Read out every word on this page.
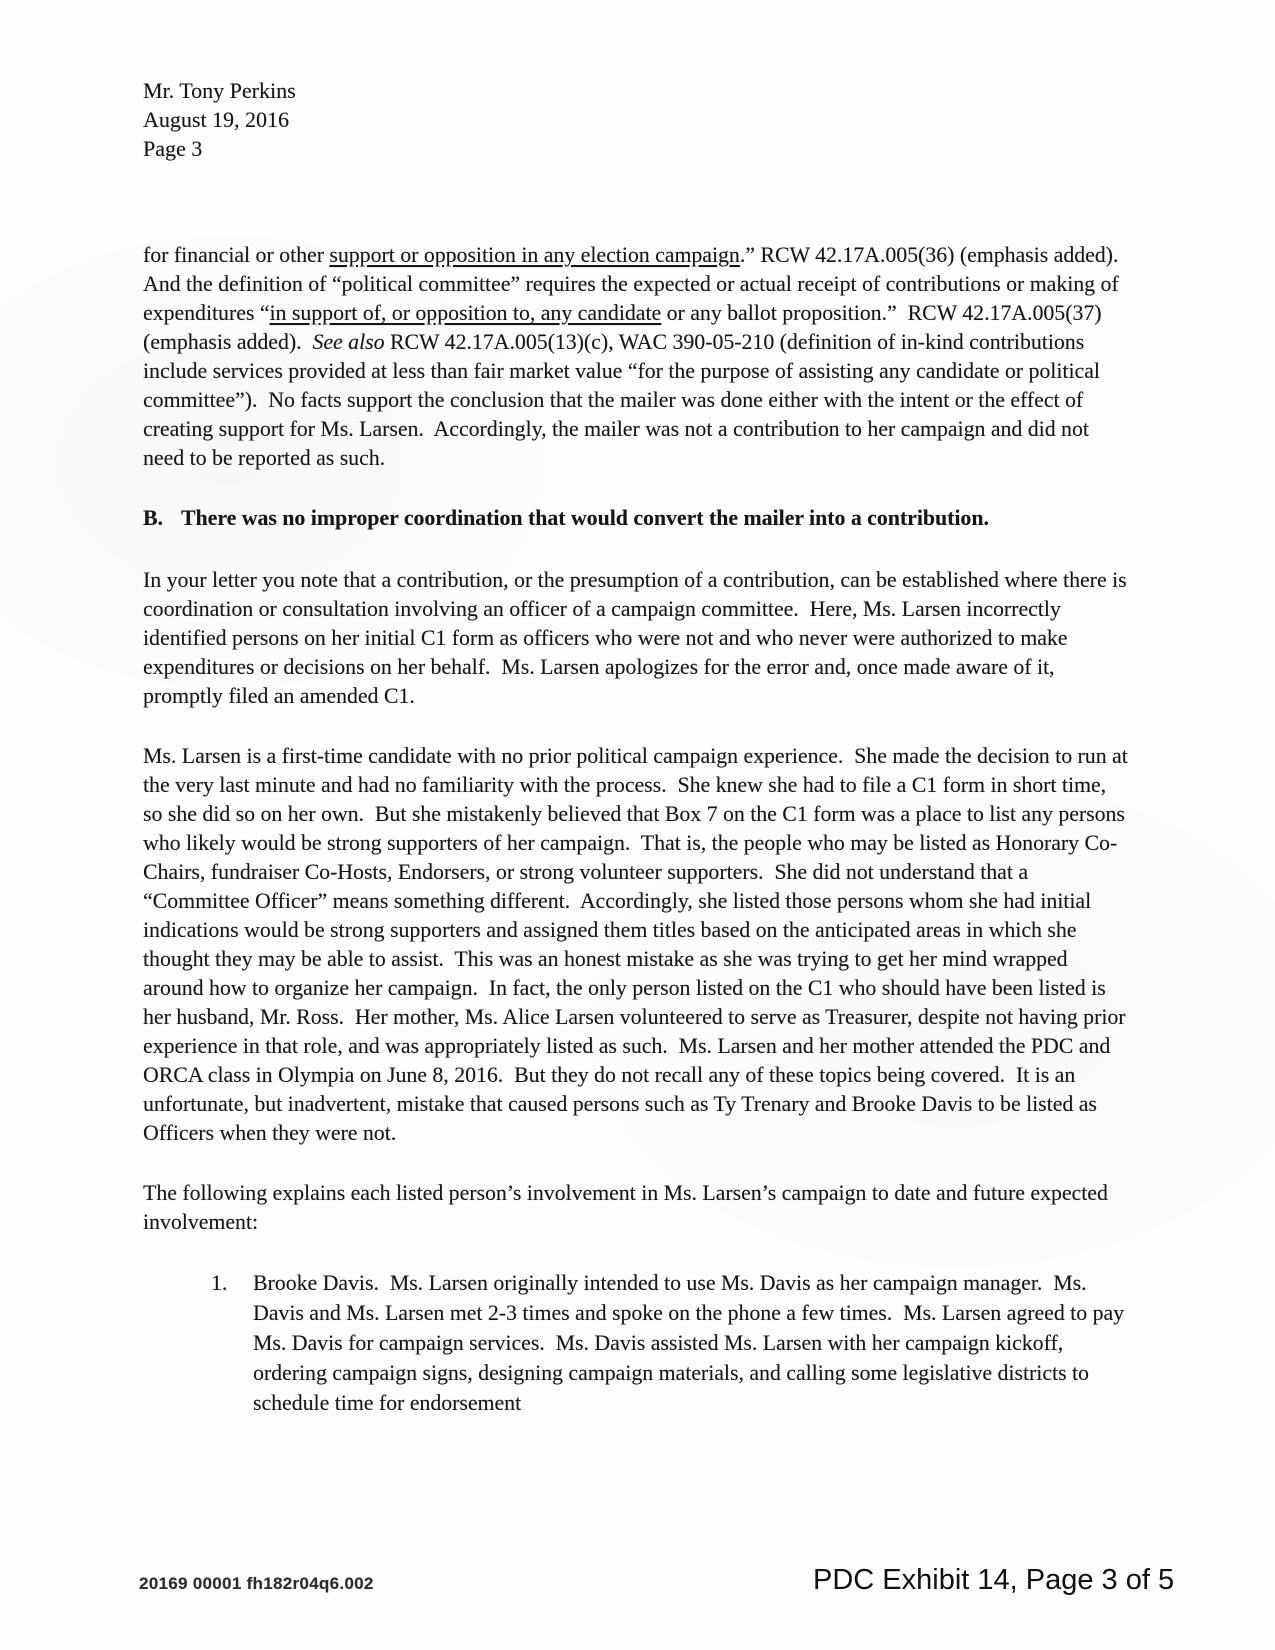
Mr. Tony Perkins
August 19, 2016
Page 3

for financial or other support or opposition in any election campaign.” RCW 42.17A.005(36) (emphasis added).  And the definition of “political committee” requires the expected or actual receipt of contributions or making of expenditures “in support of, or opposition to, any candidate or any ballot proposition.”  RCW 42.17A.005(37)(emphasis added).  See also RCW 42.17A.005(13)(c), WAC 390-05-210 (definition of in-kind contributions include services provided at less than fair market value “for the purpose of assisting any candidate or political committee”).  No facts support the conclusion that the mailer was done either with the intent or the effect of creating support for Ms. Larsen.  Accordingly, the mailer was not a contribution to her campaign and did not need to be reported as such.

B. There was no improper coordination that would convert the mailer into a contribution.

In your letter you note that a contribution, or the presumption of a contribution, can be established where there is coordination or consultation involving an officer of a campaign committee.  Here, Ms. Larsen incorrectly identified persons on her initial C1 form as officers who were not and who never were authorized to make expenditures or decisions on her behalf.  Ms. Larsen apologizes for the error and, once made aware of it, promptly filed an amended C1.

Ms. Larsen is a first-time candidate with no prior political campaign experience.  She made the decision to run at the very last minute and had no familiarity with the process.  She knew she had to file a C1 form in short time, so she did so on her own.  But she mistakenly believed that Box 7 on the C1 form was a place to list any persons who likely would be strong supporters of her campaign.  That is, the people who may be listed as Honorary Co-Chairs, fundraiser Co-Hosts, Endorsers, or strong volunteer supporters.  She did not understand that a “Committee Officer” means something different.  Accordingly, she listed those persons whom she had initial indications would be strong supporters and assigned them titles based on the anticipated areas in which she thought they may be able to assist.  This was an honest mistake as she was trying to get her mind wrapped around how to organize her campaign.  In fact, the only person listed on the C1 who should have been listed is her husband, Mr. Ross.  Her mother, Ms. Alice Larsen volunteered to serve as Treasurer, despite not having prior experience in that role, and was appropriately listed as such.  Ms. Larsen and her mother attended the PDC and ORCA class in Olympia on June 8, 2016.  But they do not recall any of these topics being covered.  It is an unfortunate, but inadvertent, mistake that caused persons such as Ty Trenary and Brooke Davis to be listed as Officers when they were not.

The following explains each listed person’s involvement in Ms. Larsen’s campaign to date and future expected involvement:

1.	Brooke Davis.  Ms. Larsen originally intended to use Ms. Davis as her campaign manager.  Ms. Davis and Ms. Larsen met 2-3 times and spoke on the phone a few times.  Ms. Larsen agreed to pay Ms. Davis for campaign services.  Ms. Davis assisted Ms. Larsen with her campaign kickoff, ordering campaign signs, designing campaign materials, and calling some legislative districts to schedule time for endorsement
20169 00001 fh182r04q6.002	PDC Exhibit 14, Page 3 of 5
